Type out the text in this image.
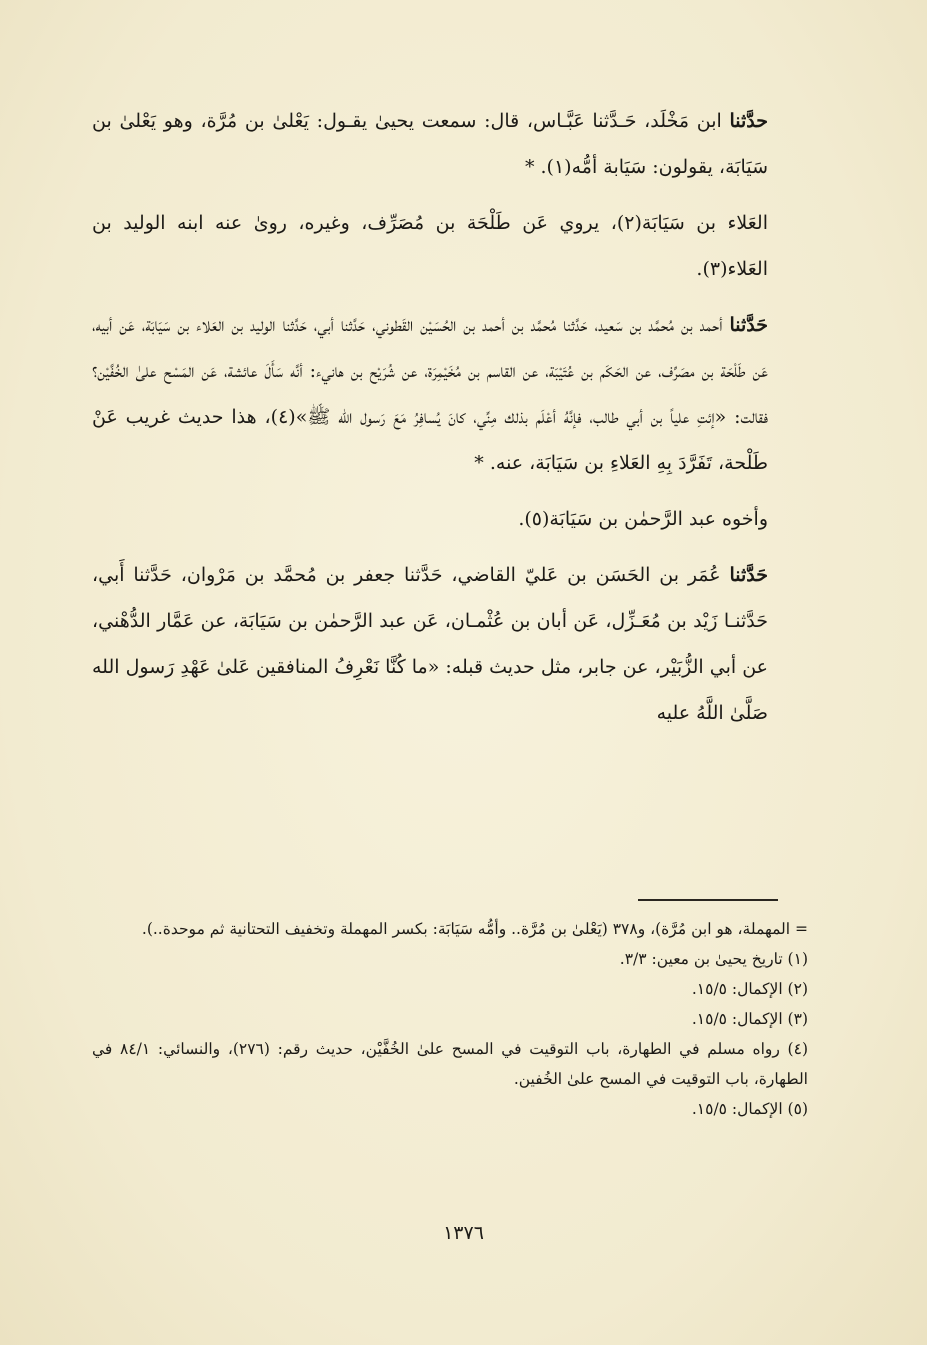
حدَّثنا ابن مَخْلَد، حَـدَّثنا عَبَّـاس، قال: سمعت يحيىٰ يقـول: يَعْلىٰ بن مُرَّة، وهو يَعْلىٰ بن سَيَابَة، يقولون: سَيَابة أمُّه(١). *

العَلاء بن سَيَابَة(٢)، يروي عَن طَلْحَة بن مُصَرِّف، وغيره، روىٰ عنه ابنه الوليد بن العَلاء(٣).

حَدَّثنا أحمد بن مُحمَّد بن سَعيد، حَدَّثنا مُحمَّد بن أحمد بن الحُسَيْن القَطوني، حَدَّثنا أبي، حَدَّثنا الوليد بن العَلاء بن سَيَابَة، عَن أبيه، عَن طَلْحَة بن مصَرِّف، عن الحَكَم بن عُتَيْبَة، عن القاسم بن مُخَيْمِرَة، عن شُرَيْح بن هانيء: أنَّه سَأَلَ عائشة، عَن المَسْح علىٰ الخُفَّيْن؟ فقالت: «إئتِ علياً بن أبي طالب، فإنَّهُ أعْلَم بذلك مِنِّي، كانَ يُسافِرُ مَعَ رَسول الله ﷺ»(٤)، هذا حديث غريب عَنْ طَلْحة، تَفَرَّدَ بِهِ العَلاءِ بن سَيَابَة، عنه. *

وأخوه عبد الرَّحمٰن بن سَيَابَة(٥).

حَدَّثنا عُمَر بن الحَسَن بن عَليّ القاضي، حَدَّثنا جعفر بن مُحمَّد بن مَرْوان، حَدَّثنا أَبي، حَدَّثنـا زَيْد بن مُعَـزِّل، عَن أبان بن عُثْمـان، عَن عبد الرَّحمٰن بن سَيَابَة، عن عَمَّار الدُّهْني، عن أبي الزُّبَيْر، عن جابر، مثل حديث قبله: «ما كُنَّا نَعْرِفُ المنافقين عَلىٰ عَهْدِ رَسول الله صَلَّىٰ اللَّهُ عليه

= المهملة، هو ابن مُرَّة)، و٣٧٨ (يَعْلىٰ بن مُرَّة.. وأمُّه سَيَابَة: بكسر المهملة وتخفيف التحتانية ثم موحدة..).

(١) تاريخ يحيىٰ بن معين: ٣/٣.

(٢) الإكمال: ١٥/٥.

(٣) الإكمال: ١٥/٥.

(٤) رواه مسلم في الطهارة، باب التوقيت في المسح علىٰ الخُفَّيْن، حديث رقم: (٢٧٦)، والنسائي: ٨٤/١ في الطهارة، باب التوقيت في المسح علىٰ الخُفين.

(٥) الإكمال: ١٥/٥.

١٣٧٦
